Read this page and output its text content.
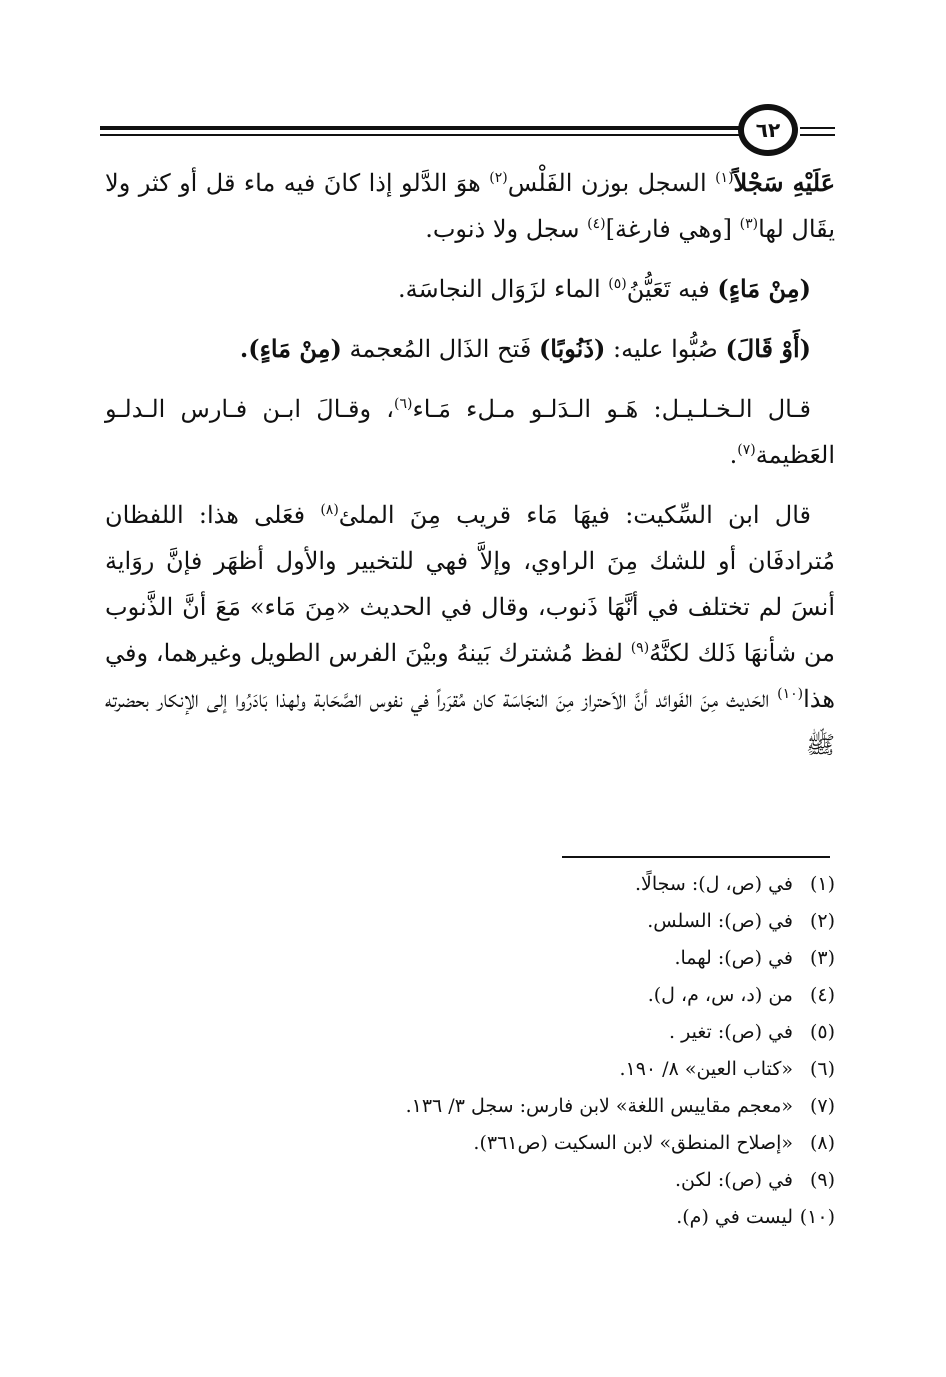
٦٢

عَلَيْهِ سَجْلاً$^{(١)}$ السجل بوزن الفَلْس$^{(٢)}$ هوَ الدَّلو إذا كانَ فيه ماء قل أو كثر ولا يقَال لها$^{(٣)}$ [وهي فارغة]$^{(٤)}$ سجل ولا ذنوب.

(مِنْ مَاءٍ) فيه تَعَيُّنُ$^{(٥)}$ الماء لزَوَال النجاسَة.

(أَوْ قَالَ) صُبُّوا عليه: (ذَنُوبًا) فَتح الذَال المُعجمة (مِنْ مَاءٍ).

قـال الـخـلـيـل: هَـو الـدَلـو مـلء مَـاء$^{(٦)}$، وقـالَ ابـن فـارس الـدلـو العَظيمة$^{(٧)}$.

قال ابن السِّكيت: فيهَا مَاء قريب مِنَ الملئ$^{(٨)}$ فعَلى هذا: اللفظان مُترادفَان أو للشك مِنَ الراوي، وإلاَّ فهي للتخيير والأول أظهَر فإنَّ روَاية أنسَ لم تختلف في أنَّهَا ذَنوب، وقال في الحديث «مِنَ مَاء» مَعَ أنَّ الذَّنوب من شأنهَا ذَلك لكنَّهُ$^{(٩)}$ لفظ مُشترك بَينهُ وبيْنَ الفرس الطويل وغيرهما، وفي هذا$^{(١٠)}$ الحَديث مِنَ الفَوائد أنَّ الاَحتراز مِنَ النجَاسَة كان مُقرَراً في نفوس الصَّحَابة ولهذا بَادَرُوا إلى الإنكار بحضرته ﷺ

(١)في (ص، ل): سجالًا.
(٢)في (ص): السلس.
(٣)في (ص): لهما.
(٤)من (د، س، م، ل).
(٥)في (ص): تغير .
(٦)«كتاب العين» ٨/ ١٩٠.
(٧)«معجم مقاييس اللغة» لابن فارس: سجل ٣/ ١٣٦.
(٨)«إصلاح المنطق» لابن السكيت (ص٣٦١).
(٩)في (ص): لكن.
(١٠)ليست في (م).
